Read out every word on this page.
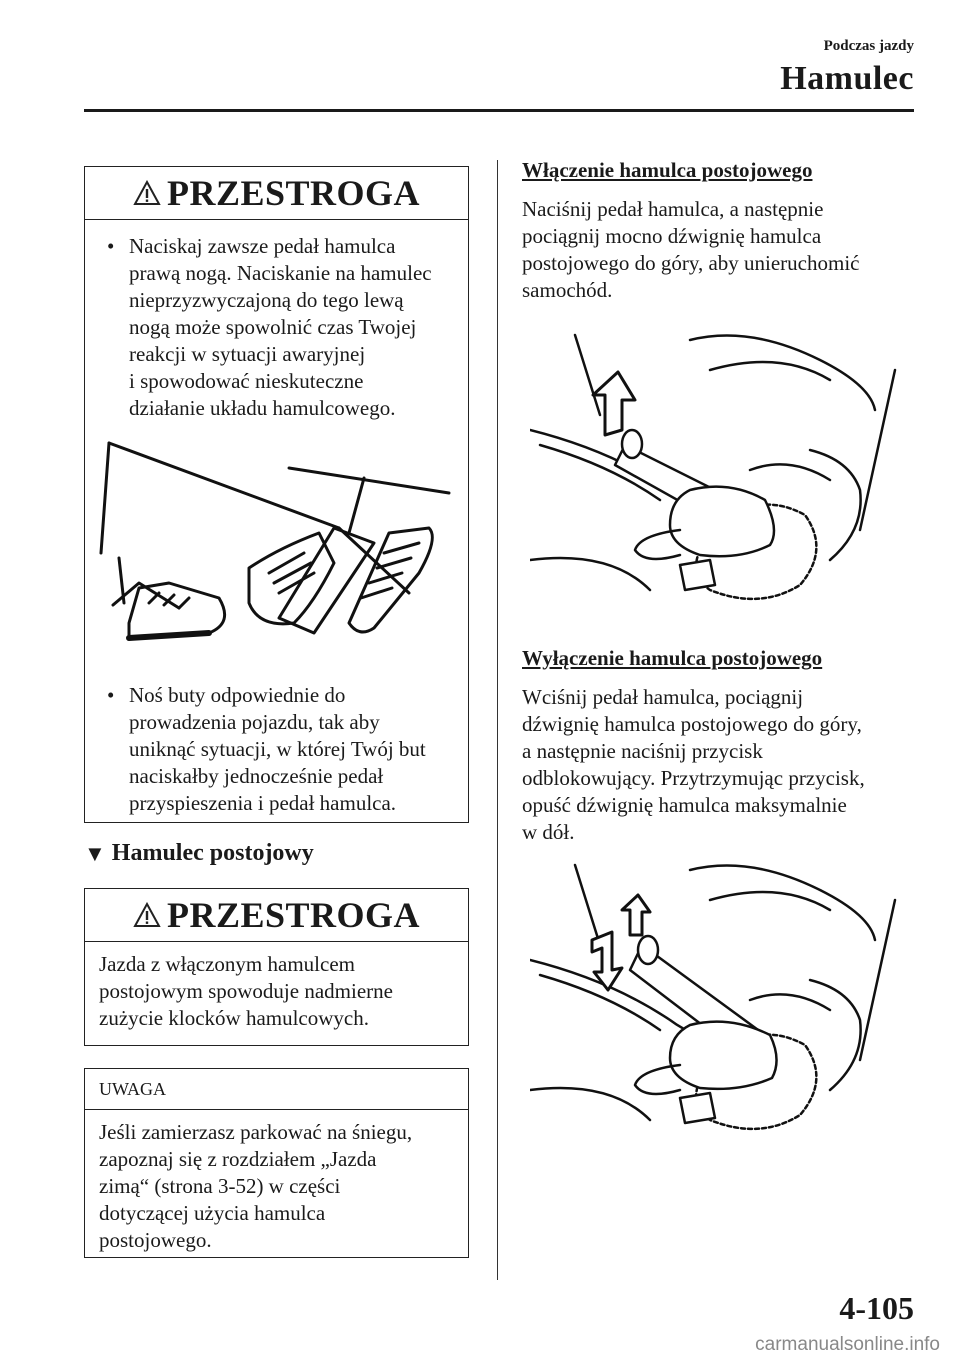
Podczas jazdy
Hamulec
PRZESTROGA
• Naciskaj zawsze pedał hamulca
prawą nogą. Naciskanie na hamulec
nieprzyzwyczajoną do tego lewą
nogą może spowolnić czas Twojej
reakcji w sytuacji awaryjnej
i spowodować nieskuteczne
działanie układu hamulcowego.
• Noś buty odpowiednie do
prowadzenia pojazdu, tak aby
uniknąć sytuacji, w której Twój but
naciskałby jednocześnie pedał
przyspieszenia i pedał hamulca.
▼ Hamulec postojowy
PRZESTROGA
Jazda z włączonym hamulcem
postojowym spowoduje nadmierne
zużycie klocków hamulcowych.
UWAGA
Jeśli zamierzasz parkować na śniegu,
zapoznaj się z rozdziałem „Jazda
zimą“ (strona 3-52) w części
dotyczącej użycia hamulca
postojowego.
Włączenie hamulca postojowego
Naciśnij pedał hamulca, a następnie
pociągnij mocno dźwignię hamulca
postojowego do góry, aby unieruchomić
samochód.
Wyłączenie hamulca postojowego
Wciśnij pedał hamulca, pociągnij
dźwignię hamulca postojowego do góry,
a następnie naciśnij przycisk
odblokowujący. Przytrzymując przycisk,
opuść dźwignię hamulca maksymalnie
w dół.
4-105
carmanualsonline.info
